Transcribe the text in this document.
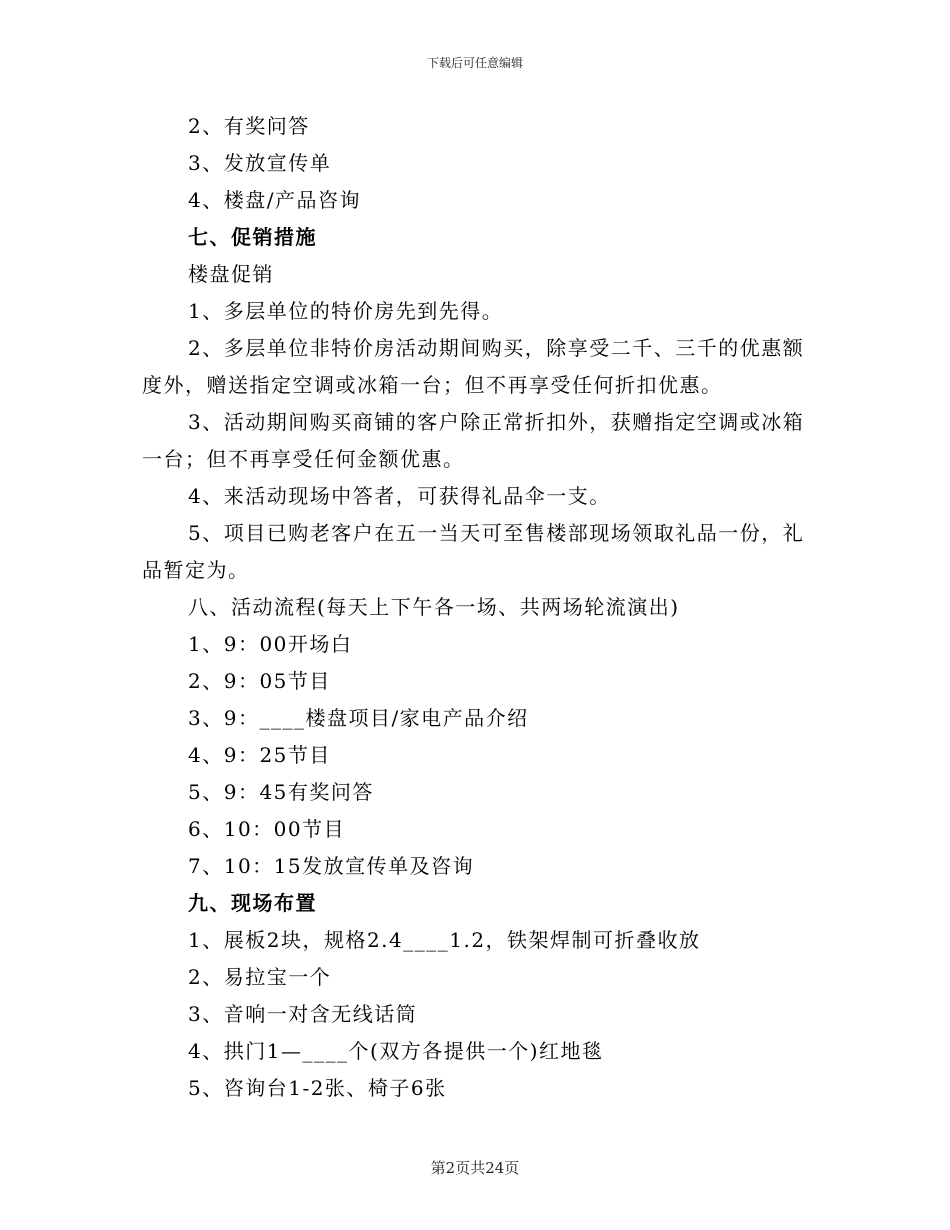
下载后可任意编辑

2、有奖问答

3、发放宣传单

4、楼盘/产品咨询

七、促销措施

楼盘促销

1、多层单位的特价房先到先得。

2、多层单位非特价房活动期间购买，除享受二千、三千的优惠额度外，赠送指定空调或冰箱一台；但不再享受任何折扣优惠。

3、活动期间购买商铺的客户除正常折扣外，获赠指定空调或冰箱一台；但不再享受任何金额优惠。

4、来活动现场中答者，可获得礼品伞一支。

5、项目已购老客户在五一当天可至售楼部现场领取礼品一份，礼品暂定为。

八、活动流程(每天上下午各一场、共两场轮流演出)

1、9：00开场白

2、9：05节目

3、9：____楼盘项目/家电产品介绍

4、9：25节目

5、9：45有奖问答

6、10：00节目

7、10：15发放宣传单及咨询

九、现场布置

1、展板2块，规格2.4____1.2，铁架焊制可折叠收放

2、易拉宝一个

3、音响一对含无线话筒

4、拱门1—____个(双方各提供一个)红地毯

5、咨询台1-2张、椅子6张

第2页共24页
